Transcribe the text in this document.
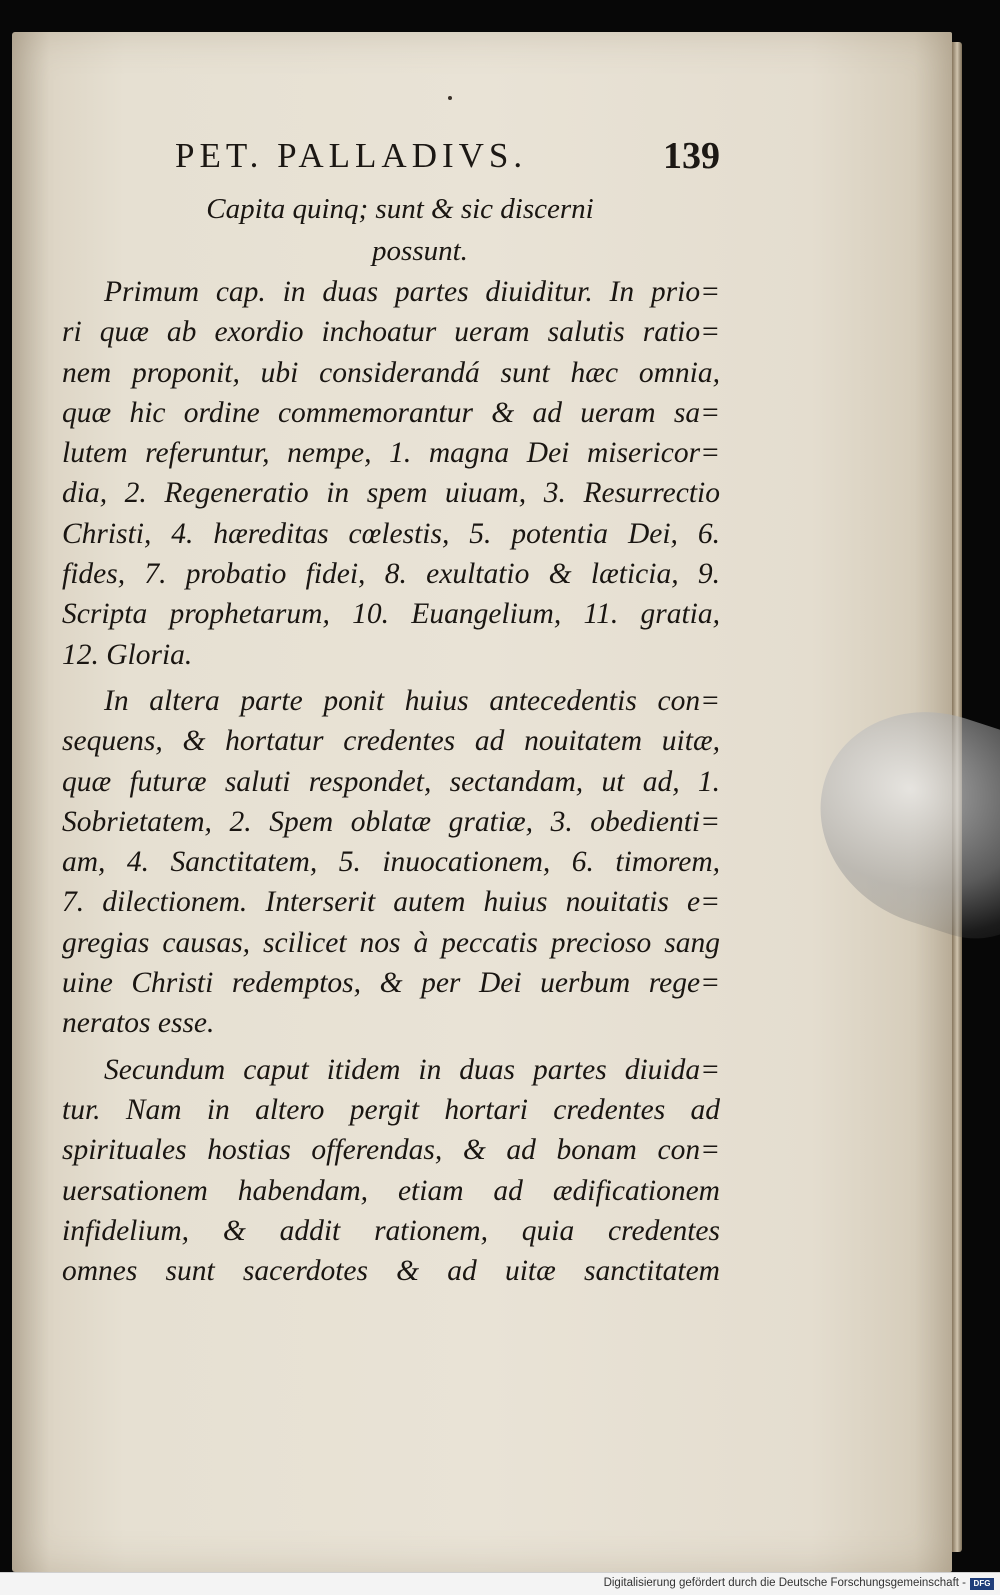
PET. PALLADIVS.	139
Capita quinq; sunt & sic discerni
possunt.
Primum cap. in duas partes diuiditur. In prio=
ri quæ ab exordio inchoatur ueram salutis ratio=
nem proponit, ubi considerandá sunt hæc omnia,
quæ hic ordine commemorantur & ad ueram sa=
lutem referuntur, nempe, 1. magna Dei misericor=
dia, 2. Regeneratio in spem uiuam, 3. Resurrectio
Christi, 4. hæreditas cœlestis, 5. potentia Dei, 6.
fides, 7. probatio fidei, 8. exultatio & læticia, 9.
Scripta prophetarum, 10. Euangelium, 11. gratia,
12. Gloria.
In altera parte ponit huius antecedentis con=
sequens, & hortatur credentes ad nouitatem uitæ,
quæ futuræ saluti respondet, sectandam, ut ad, 1.
Sobrietatem, 2. Spem oblatæ gratiæ, 3. obedienti=
am, 4. Sanctitatem, 5. inuocationem, 6. timorem,
7. dilectionem. Interserit autem huius nouitatis e=
gregias causas, scilicet nos à peccatis precioso sang
uine Christi redemptos, & per Dei uerbum rege=
neratos esse.
Secundum caput itidem in duas partes diuida=
tur. Nam in altero pergit hortari credentes ad
spirituales hostias offerendas, & ad bonam con=
uersationem habendam, etiam ad ædificationem
infidelium, & addit rationem, quia credentes
omnes sunt sacerdotes & ad uitæ sanctitatem
Digitalisierung gefördert durch die Deutsche Forschungsgemeinschaft - DFG
